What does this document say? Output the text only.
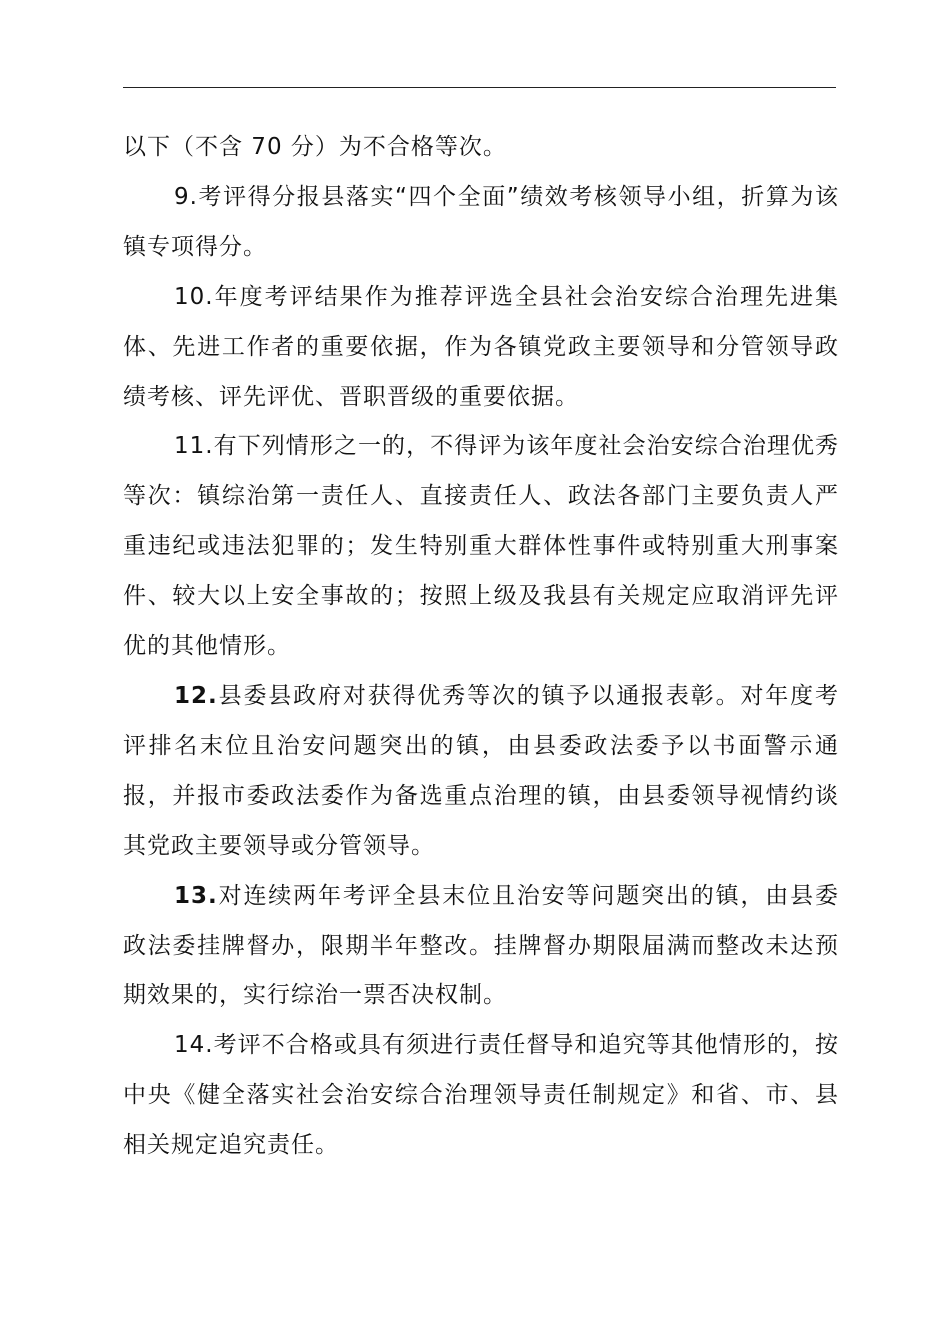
以下（不含 70 分）为不合格等次。

9.考评得分报县落实“四个全面”绩效考核领导小组，折算为该镇专项得分。

10.年度考评结果作为推荐评选全县社会治安综合治理先进集体、先进工作者的重要依据，作为各镇党政主要领导和分管领导政绩考核、评先评优、晋职晋级的重要依据。

11.有下列情形之一的，不得评为该年度社会治安综合治理优秀等次：镇综治第一责任人、直接责任人、政法各部门主要负责人严重违纪或违法犯罪的；发生特别重大群体性事件或特别重大刑事案件、较大以上安全事故的；按照上级及我县有关规定应取消评先评优的其他情形。

12.县委县政府对获得优秀等次的镇予以通报表彰。对年度考评排名末位且治安问题突出的镇，由县委政法委予以书面警示通报，并报市委政法委作为备选重点治理的镇，由县委领导视情约谈其党政主要领导或分管领导。

13.对连续两年考评全县末位且治安等问题突出的镇，由县委政法委挂牌督办，限期半年整改。挂牌督办期限届满而整改未达预期效果的，实行综治一票否决权制。

14.考评不合格或具有须进行责任督导和追究等其他情形的，按中央《健全落实社会治安综合治理领导责任制规定》和省、市、县相关规定追究责任。
